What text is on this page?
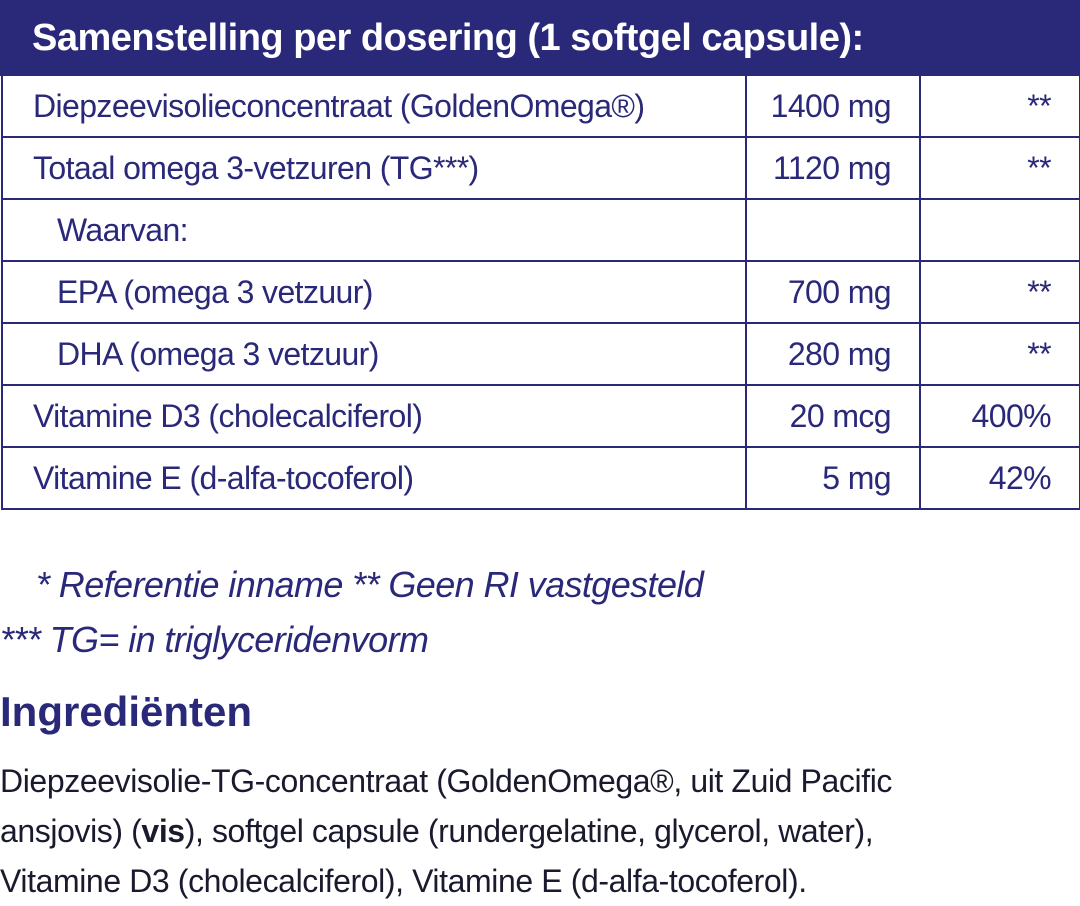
Samenstelling per dosering (1 softgel capsule):
Diepzeevisolieconcentraat (GoldenOmega®)	1400 mg	**
Totaal omega 3-vetzuren (TG***)	1120 mg	**
Waarvan:		
EPA (omega 3 vetzuur)	700 mg	**
DHA (omega 3 vetzuur)	280 mg	**
Vitamine D3 (cholecalciferol)	20 mcg	400%
Vitamine E (d-alfa-tocoferol)	5 mg	42%
* Referentie inname ** Geen RI vastgesteld
*** TG= in triglyceridenvorm
Ingrediënten
Diepzeevisolie-TG-concentraat (GoldenOmega®, uit Zuid Pacific
ansjovis) (vis), softgel capsule (rundergelatine, glycerol, water),
Vitamine D3 (cholecalciferol), Vitamine E (d-alfa-tocoferol).
